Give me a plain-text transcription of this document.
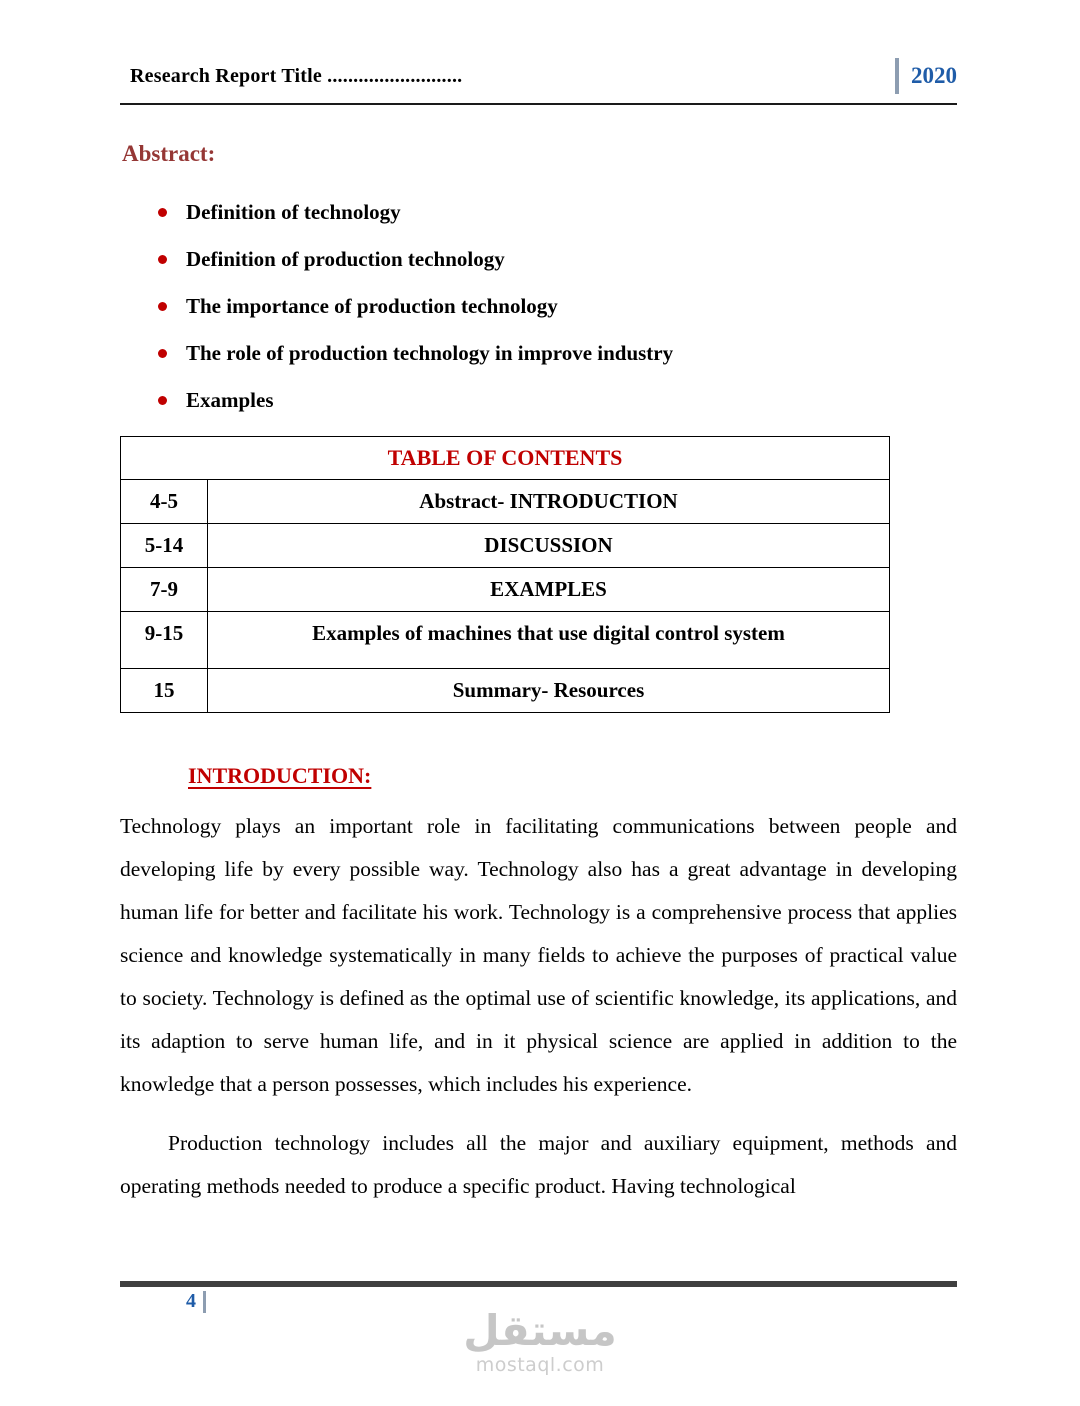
Research Report Title ..........................	2020
Abstract:
Definition of technology
Definition of production technology
The importance of production technology
The role of production technology in improve industry
Examples
TABLE OF CONTENTS	
4-5	Abstract- INTRODUCTION
5-14	DISCUSSION
7-9	EXAMPLES
9-15	Examples of machines that use digital control system
15	Summary- Resources
INTRODUCTION:

Technology plays an important role in facilitating communications between people and developing life by every possible way. Technology also has a great advantage in developing human life for better and facilitate his work. Technology is a comprehensive process that applies science and knowledge systematically in many fields to achieve the purposes of practical value to society. Technology is defined as the optimal use of scientific knowledge, its applications, and its adaption to serve human life, and in it physical science are applied in addition to the knowledge that a person possesses, which includes his experience.

Production technology includes all the major and auxiliary equipment, methods and operating methods needed to produce a specific product. Having technological

4
مستقل
mostaql.com
